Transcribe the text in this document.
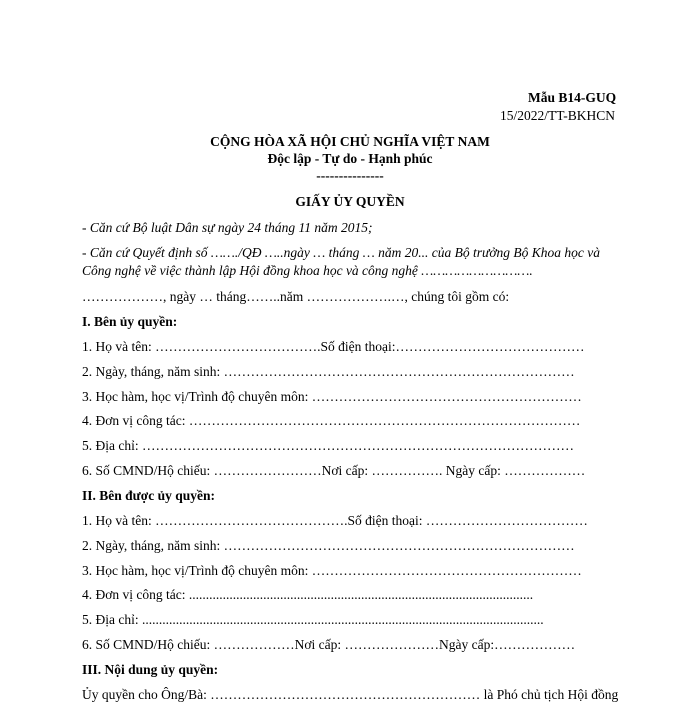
Mẫu B14-GUQ
15/2022/TT-BKHCN
CỘNG HÒA XÃ HỘI CHỦ NGHĨA VIỆT NAM
Độc lập - Tự do - Hạnh phúc
---------------
GIẤY ỦY QUYỀN
- Căn cứ Bộ luật Dân sự ngày 24 tháng 11 năm 2015;
- Căn cứ Quyết định số ……./QĐ …..ngày … tháng … năm 20... của Bộ trưởng Bộ Khoa học và
Công nghệ về việc thành lập Hội đồng khoa học và công nghệ ……………………….
………………, ngày … tháng……..năm ……………….…, chúng tôi gồm có:
I. Bên ủy quyền:
1. Họ và tên: ……………………………….Số điện thoại:……………………………………
2. Ngày, tháng, năm sinh: ……………………………………………………………………
3. Học hàm, học vị/Trình độ chuyên môn: ……………………………………………………
4. Đơn vị công tác: ……………………………………………………………………………
5. Địa chỉ: ……………………………………………………………………………………
6. Số CMND/Hộ chiếu: ……………………Nơi cấp: ……………. Ngày cấp: ………………
II. Bên được ủy quyền:
1. Họ và tên: …………………………………….Số điện thoại: ………………………………
2. Ngày, tháng, năm sinh: ……………………………………………………………………
3. Học hàm, học vị/Trình độ chuyên môn: ……………………………………………………
4. Đơn vị công tác: ......................................................................................................
5. Địa chỉ: .......................................................................................................................
6. Số CMND/Hộ chiếu: ………………Nơi cấp: …………………Ngày cấp:………………
III. Nội dung ủy quyền:
Ủy quyền cho Ông/Bà: …………………………………………………… là Phó chủ tịch Hội đồng
